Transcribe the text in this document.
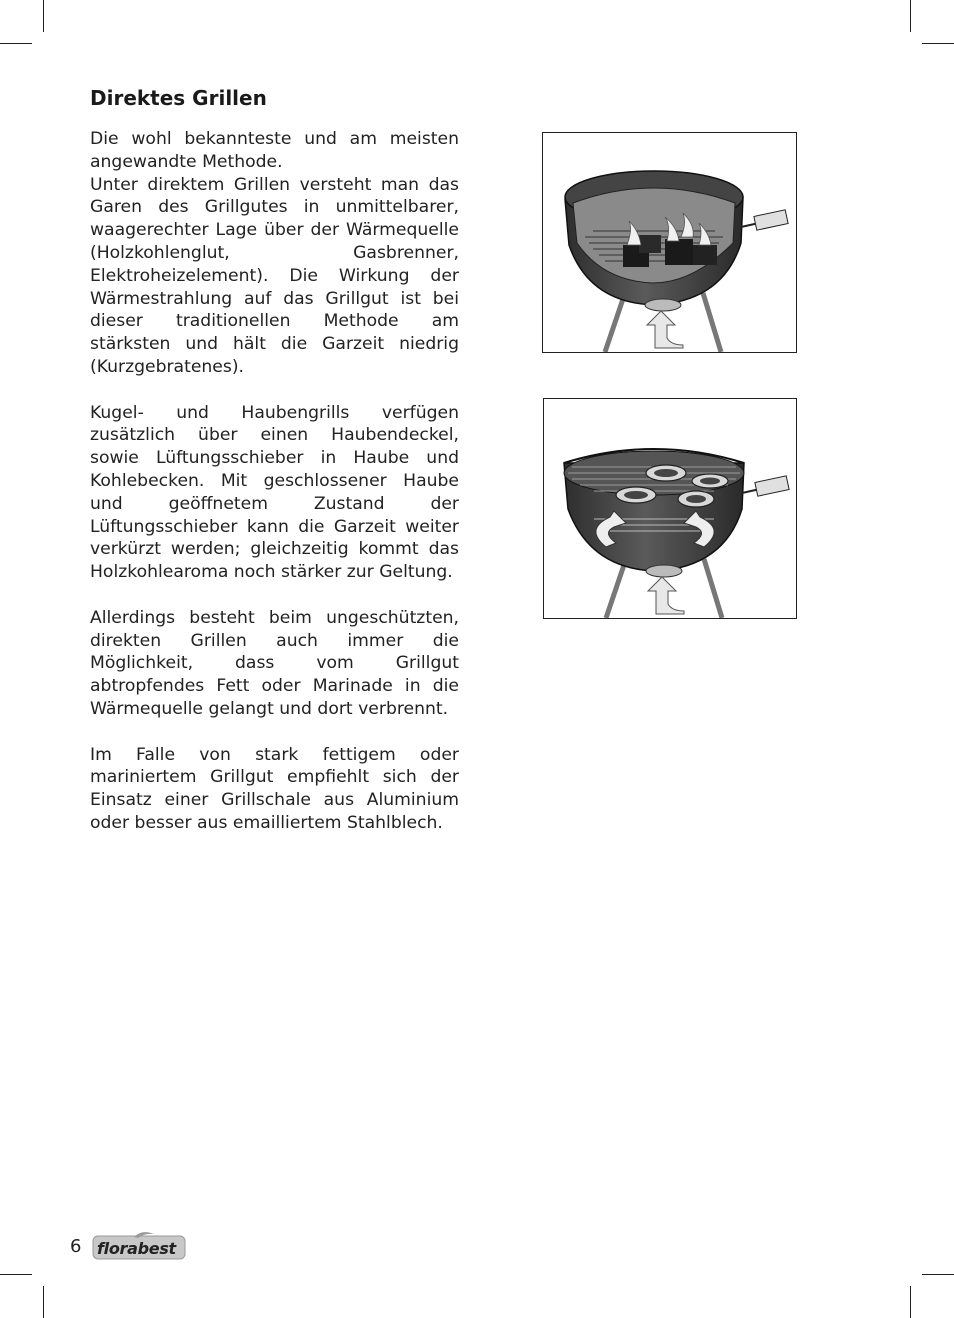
Direktes Grillen

Die wohl bekannteste und am meisten angewandte Methode.
Unter direktem Grillen versteht man das Garen des Grillgutes in unmittelbarer, waagerechter Lage über der Wärmequelle (Holzkohlenglut, Gasbrenner, Elektroheizelement). Die Wirkung der Wärmestrahlung auf das Grillgut ist bei dieser traditionellen Methode am stärksten und hält die Garzeit niedrig (Kurzgebratenes).

Kugel- und Haubengrills verfügen zusätzlich über einen Haubendeckel, sowie Lüftungsschieber in Haube und Kohlebecken. Mit geschlossener Haube und geöffnetem Zustand der Lüftungsschieber kann die Garzeit weiter verkürzt werden; gleichzeitig kommt das Holzkohlearoma noch stärker zur Geltung.

Allerdings besteht beim ungeschützten, direkten Grillen auch immer die Möglichkeit, dass vom Grillgut abtropfendes Fett oder Marinade in die Wärmequelle gelangt und dort verbrennt.

Im Falle von stark fettigem oder mariniertem Grillgut empfiehlt sich der Einsatz einer Grillschale aus Aluminium oder besser aus emailliertem Stahlblech.

6 florabest
